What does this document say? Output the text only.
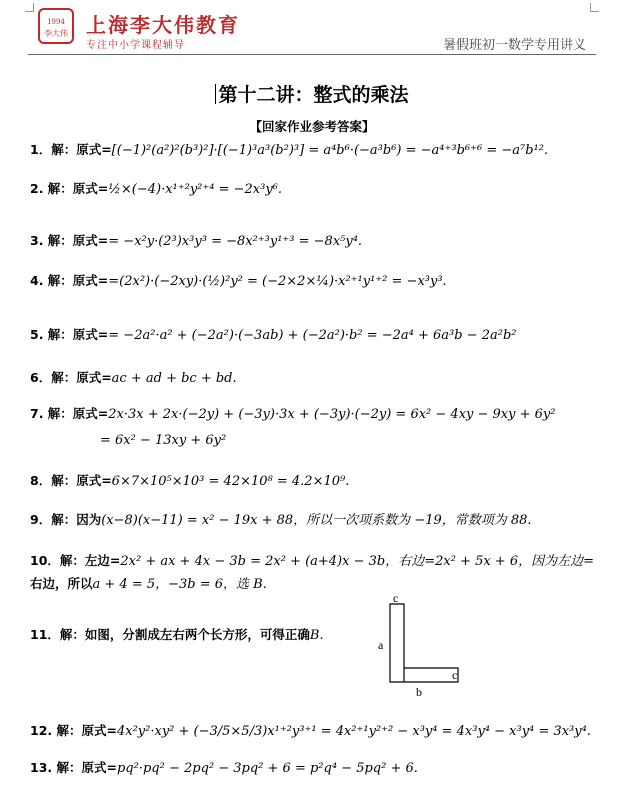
1994
李大伟 上海李大伟教育
专注中小学课程辅导	暑假班初一数学专用讲义
第十二讲：整式的乘法
【回家作业参考答案】
1．解：原式=[(−1)²(a²)²(b³)²]·[(−1)³a³(b²)³] = a⁴b⁶·(−a³b⁶) = −a⁴⁺³b⁶⁺⁶ = −a⁷b¹².
2. 解：原式=½×(−4)·x¹⁺²y²⁺⁴ = −2x³y⁶.
3. 解：原式== −x²y·(2³)x³y³ = −8x²⁺³y¹⁺³ = −8x⁵y⁴.
4. 解：原式==(2x²)·(−2xy)·(½)²y² = (−2×2×¼)·x²⁺¹y¹⁺² = −x³y³.
5. 解：原式== −2a²·a² + (−2a²)·(−3ab) + (−2a²)·b² = −2a⁴ + 6a³b − 2a²b²
6．解：原式=ac + ad + bc + bd.
7. 解：原式=2x·3x + 2x·(−2y) + (−3y)·3x + (−3y)·(−2y) = 6x² − 4xy − 9xy + 6y²
= 6x² − 13xy + 6y²
8．解：原式=6×7×10⁵×10³ = 42×10⁸ = 4.2×10⁹.
9．解：因为(x−8)(x−11) = x² − 19x + 88，所以一次项系数为 −19，常数项为 88.
10．解：左边=2x² + ax + 4x − 3b = 2x² + (a+4)x − 3b，右边=2x² + 5x + 6，因为左边=
右边，所以a + 4 = 5，−3b = 6，选 B.
11．解：如图，分割成左右两个长方形，可得正确B.
c
a
c
b
12. 解：原式=4x²y²·xy² + (−3/5×5/3)x¹⁺²y³⁺¹ = 4x²⁺¹y²⁺² − x³y⁴ = 4x³y⁴ − x³y⁴ = 3x³y⁴.
13. 解：原式=pq²·pq² − 2pq² − 3pq² + 6 = p²q⁴ − 5pq² + 6.
